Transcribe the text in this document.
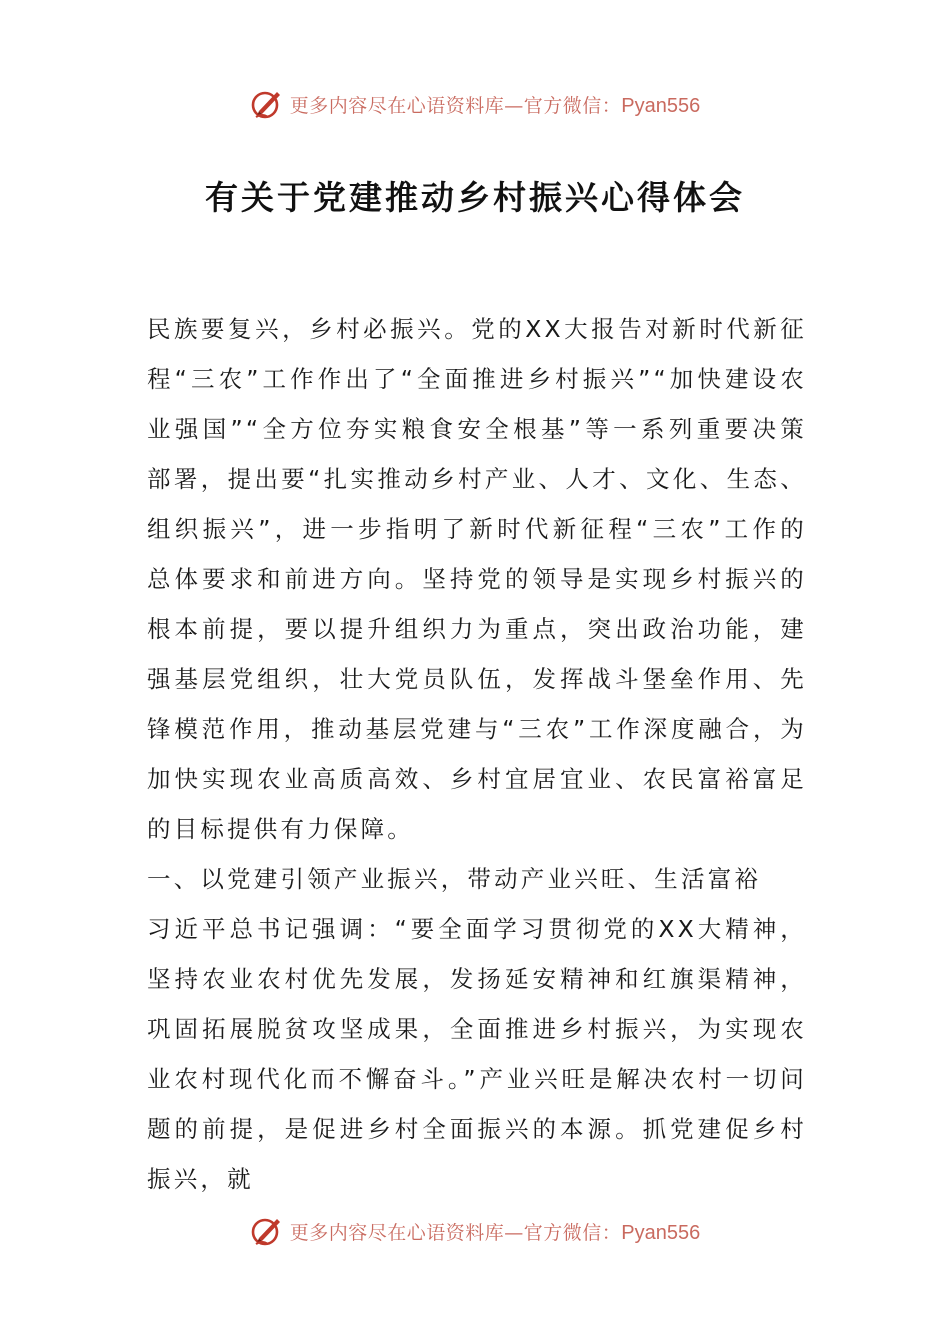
更多内容尽在心语资料库—官方微信：Pyan556
有关于党建推动乡村振兴心得体会

民族要复兴，乡村必振兴。党的XX大报告对新时代新征程“三农”工作作出了“全面推进乡村振兴”“加快建设农业强国”“全方位夯实粮食安全根基”等一系列重要决策部署，提出要“扎实推动乡村产业、人才、文化、生态、组织振兴”，进一步指明了新时代新征程“三农”工作的总体要求和前进方向。坚持党的领导是实现乡村振兴的根本前提，要以提升组织力为重点，突出政治功能，建强基层党组织，壮大党员队伍，发挥战斗堡垒作用、先锋模范作用，推动基层党建与“三农”工作深度融合，为加快实现农业高质高效、乡村宜居宜业、农民富裕富足的目标提供有力保障。

一、以党建引领产业振兴，带动产业兴旺、生活富裕

习近平总书记强调：“要全面学习贯彻党的XX大精神，坚持农业农村优先发展，发扬延安精神和红旗渠精神，巩固拓展脱贫攻坚成果，全面推进乡村振兴，为实现农业农村现代化而不懈奋斗。”产业兴旺是解决农村一切问题的前提，是促进乡村全面振兴的本源。抓党建促乡村振兴，就

更多内容尽在心语资料库—官方微信：Pyan556
